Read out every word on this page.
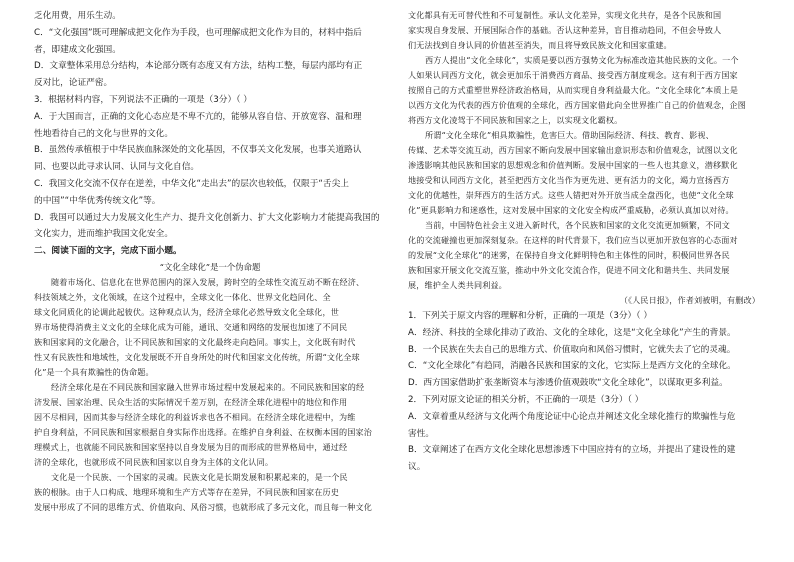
乏化用费，用乐生动。

C．“文化强国”既可理解成把文化作为手段，也可理解成把文化作为目的，材料中指后

者，即建成文化强国。

D．文章整体采用总分结构，本论部分既有态度又有方法，结构工整，每层内部均有正

反对比，论证严密。

3．根据材料内容，下列说法不正确的一项是（3分）（ ）

A．于大国而言，正确的文化心态应是不卑不亢的，能够从容自信、开放宽容、温和理

性地看待自己的文化与世界的文化。

B．虽然传承植根于中华民族血脉深处的文化基因，不仅事关文化发展，也事关道路认

同、也要以此寻求认同、认同与文化自信。

C．我国文化交流不仅存在逆差，中华文化“走出去”的层次也较低，仅限于“舌尖上

的中国”“中华优秀传统文化”等。

D．我国可以通过大力发展文化生产力、提升文化创新力、扩大文化影响力才能提高我国的

文化实力，进而维护我国文化安全。

二、阅读下面的文字，完成下面小题。

“文化全球化”是一个伪命题

随着市场化、信息化在世界范围内的深入发展，跨时空的全球性交流互动不断在经济、

科技领域之外，文化领域，在这个过程中，全球文化一体化、世界文化趋同化、全

球文化同质化的论调此起彼伏。这种观点认为，经济全球化必然导致文化全球化，世

界市场使得消费主义文化的全球化成为可能，通讯、交通和网络的发展也加速了不同民

族和国家间的文化融合，让不同民族和国家的文化最终走向趋同。事实上，文化既有时代

性又有民族性和地域性，文化发展既不开自身所处的时代和国家文化传统，所谓“文化全球

化”是一个具有欺骗性的伪命题。

经济全球化是在不同民族和国家融入世界市场过程中发展起来的。不同民族和国家的经

济发展、国家治理、民众生活的实际情况千差万别，在经济全球化进程中的地位和作用

因不尽相同，因而其参与经济全球化的利益诉求也各不相同。在经济全球化进程中，为维

护自身利益，不同民族和国家根据自身实际作出选择。在维护自身利益、在权衡本国的国家治

理模式上，也就能不同民族和国家坚持以自身发展为目的而形成的世界格局中，通过经

济的全球化，也就形成不同民族和国家以自身为主体的文化认同。

文化是一个民族、一个国家的灵魂。民族文化是长期发展和积累起来的，是一个民

族的根脉。由于人口构成、地理环境和生产方式等存在差异，不同民族和国家在历史

发展中形成了不同的思维方式、价值取向、风俗习惯，也就形成了多元文化，而且每一种文化

文化都具有无可替代性和不可复制性。承认文化差异，实现文化共存，是各个民族和国

家实现自身发展、开展国际合作的基础。否认这种差异，盲目推动趋同，不但会导致人

们无法找到自身认同的价值甚至消失，而且将导致民族文化和国家重建。

西方人提出“文化全球化”，实质是要以西方强势文化为标准改造其他民族的文化。一个

人如果认同西方文化，就会更加乐于消费西方商品、接受西方制度观念。这有利于西方国家

按照自己的方式重塑世界经济政治格局，从而实现自身利益最大化。“文化全球化”本质上是

以西方文化为代表的西方价值观的全球化，西方国家借此向全世界推广自己的价值观念，企图

将西方文化凌驾于不同民族和国家之上，以实现文化霸权。

所谓“文化全球化”相具欺骗性，危害巨大。借助国际经济、科技、教育、影视、

传媒、艺术等交流互动，西方国家不断向发展中国家输出意识形态和价值观念，试图以文化

渗透影响其他民族和国家的思想观念和价值判断。发展中国家的一些人也其意义，潜移默化

地接受和认同西方文化，甚至把西方文化当作为更先进、更有活力的文化，竭力宣扬西方

文化的优越性，崇拜西方的生活方式。这些人错把对外开放当成全盘西化，也使“文化全球

化”更具影响力和迷惑性，这对发展中国家的文化安全构成严重威胁，必须认真加以对待。

当前，中国特色社会主义进入新时代，各个民族和国家的文化交流更加频繁，不同文

化的交流碰撞也更加深刻复杂。在这样的时代背景下，我们应当以更加开放包容的心态面对

的发展“文化全球化”的迷雾，在保持自身文化鲜明特色和主体性的同时，积极同世界各民

族和国家开展文化交流互鉴，推动中外文化交流合作，促进不同文化和谐共生、共同发展

展，维护全人类共同利益。

（《人民日报》，作者刘被明，有删改）

1．下列关于原文内容的理解和分析，正确的一项是（3分）（ ）

A．经济、科技的全球化排动了政治、文化的全球化，这是“文化全球化”产生的背景。

B．一个民族在失去自己的思维方式、价值取向和风俗习惯时，它就失去了它的灵魂。

C．“文化全球化”有趋同，消融各民族和国家的文化，它实际上是西方文化的全球化。

D．西方国家借助扩张垄断资本与渗透价值观鼓吹“文化全球化”，以谋取更多利益。

2．下列对原文论证的相关分析，不正确的一项是（3分）（ ）

A．文章着重从经济与文化两个角度论证中心论点并阐述文化全球化推行的欺骗性与危

害性。

B．文章阐述了在西方文化全球化思想渗透下中国应持有的立场，并提出了建设性的建

议。
